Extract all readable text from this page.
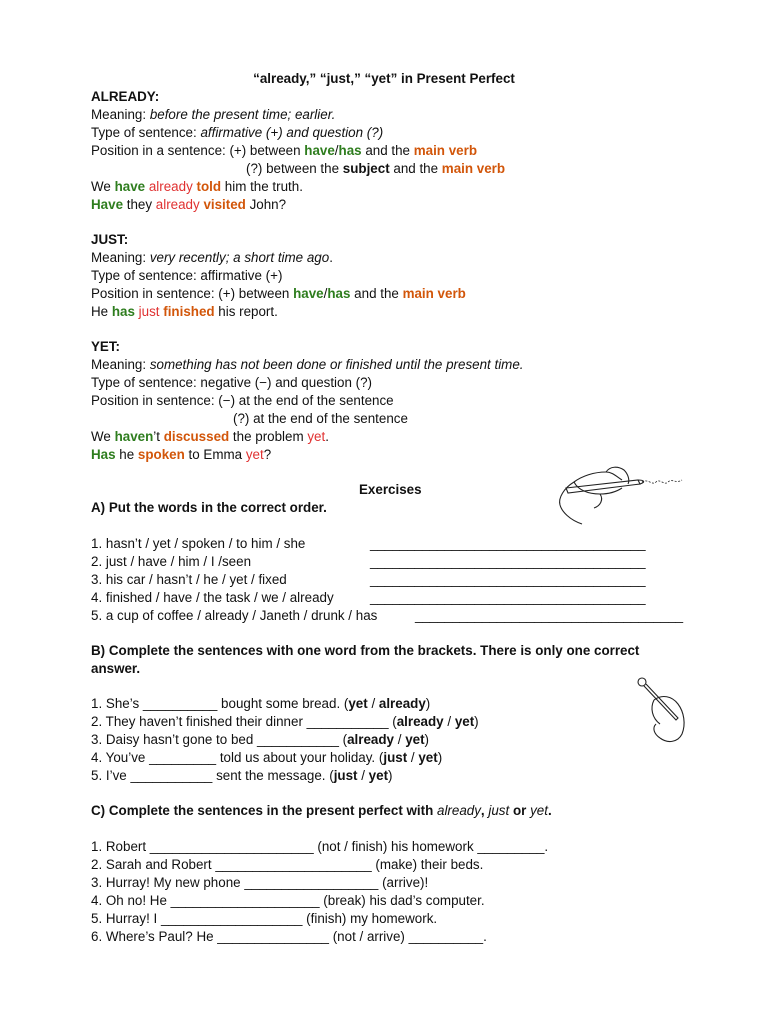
“already,” “just,” “yet” in Present Perfect
ALREADY:
Meaning: before the present time; earlier.
Type of sentence: affirmative (+) and question (?)
Position in a sentence: (+) between have/has and the main verb
(?) between the subject and the main verb
We have already told him the truth.
Have they already visited John?
JUST:
Meaning: very recently; a short time ago.
Type of sentence: affirmative (+)
Position in sentence: (+) between have/has and the main verb
He has just finished his report.
YET:
Meaning: something has not been done or finished until the present time.
Type of sentence: negative (−) and question (?)
Position in sentence: (−) at the end of the sentence
(?) at the end of the sentence
We haven’t discussed the problem yet.
Has he spoken to Emma yet?
Exercises
A) Put the words in the correct order.
1. hasn’t / yet / spoken / to him / she	_____________________________________
2. just / have / him / I /seen	_____________________________________
3. his car / hasn’t / he / yet / fixed	_____________________________________
4. finished / have / the task / we / already	_____________________________________
5. a cup of coffee / already / Janeth / drunk / has	____________________________________
B) Complete the sentences with one word from the brackets. There is only one correct
answer.
1. She’s __________ bought some bread. (yet / already)
2. They haven’t finished their dinner ___________ (already / yet)
3. Daisy hasn’t gone to bed ___________ (already / yet)
4. You’ve _________ told us about your holiday. (just / yet)
5. I’ve ___________ sent the message. (just / yet)
C) Complete the sentences in the present perfect with already, just or yet.
1. Robert ______________________ (not / finish) his homework _________.
2. Sarah and Robert _____________________ (make) their beds.
3. Hurray! My new phone __________________ (arrive)!
4. Oh no! He ____________________ (break) his dad’s computer.
5. Hurray! I ___________________ (finish) my homework.
6. Where’s Paul? He _______________ (not / arrive) __________.
